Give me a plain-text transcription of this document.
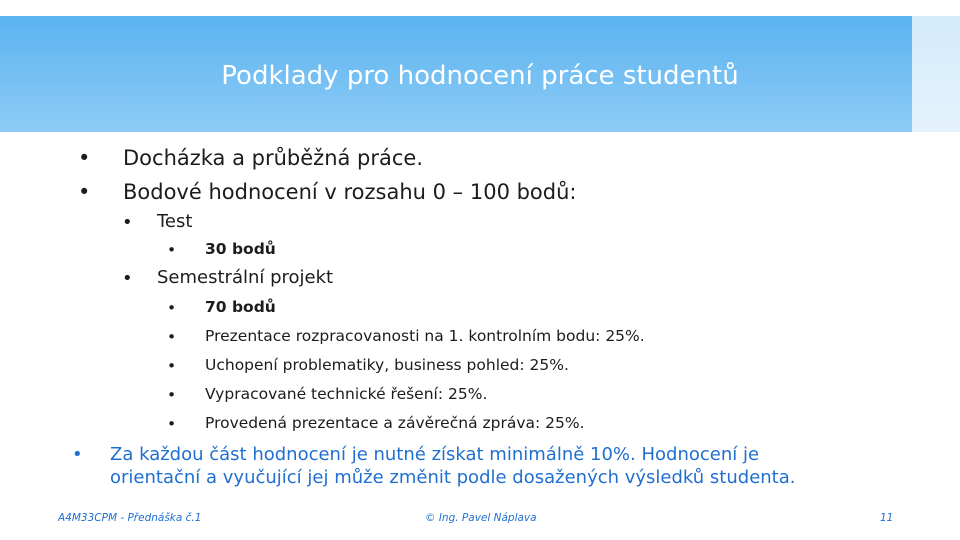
Podklady pro hodnocení práce studentů
• Docházka a průběžná práce.
• Bodové hodnocení v rozsahu 0 – 100 bodů:
• Test
• 30 bodů
• Semestrální projekt
• 70 bodů
• Prezentace rozpracovanosti na 1. kontrolním bodu: 25%.
• Uchopení problematiky, business pohled: 25%.
• Vypracované technické řešení: 25%.
• Provedená prezentace a závěrečná zpráva: 25%.
• Za každou část hodnocení je nutné získat minimálně 10%. Hodnocení je
orientační a vyučující jej může změnit podle dosažených výsledků studenta.
A4M33CPM - Přednáška č.1	© Ing. Pavel Náplava	11
